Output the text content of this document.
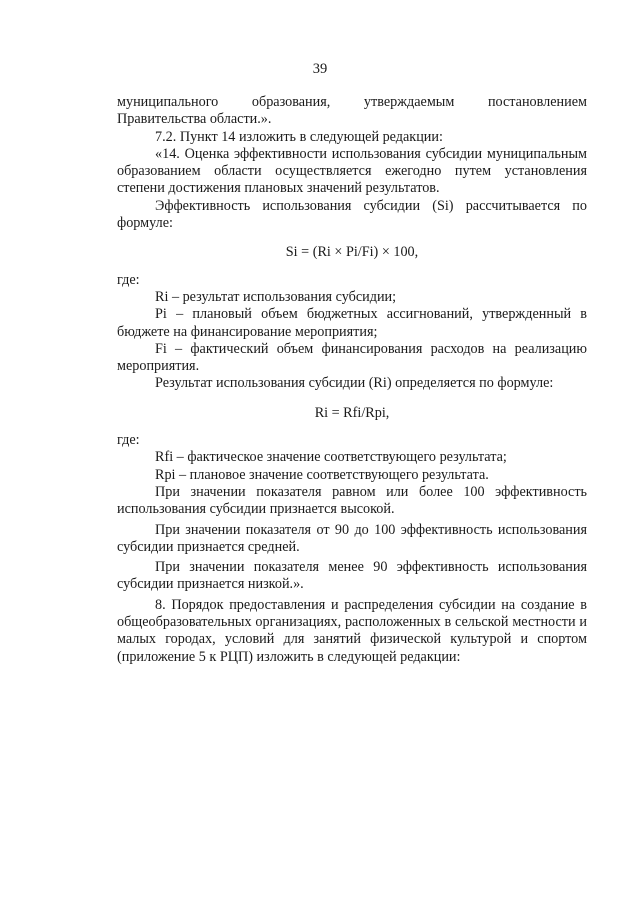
39

муниципального образования, утверждаемым постановлением Правительства области.».

7.2. Пункт 14 изложить в следующей редакции:

«14. Оценка эффективности использования субсидии муниципальным образованием области осуществляется ежегодно путем установления степени достижения плановых значений результатов.

Эффективность использования субсидии (Si) рассчитывается по формуле:

Si = (Ri × Pi/Fi) × 100,

где:

Ri – результат использования субсидии;

Pi – плановый объем бюджетных ассигнований, утвержденный в бюджете на финансирование мероприятия;

Fi – фактический объем финансирования расходов на реализацию мероприятия.

Результат использования субсидии (Ri) определяется по формуле:

Ri = Rfi/Rpi,

где:

Rfi – фактическое значение соответствующего результата;

Rpi – плановое значение соответствующего результата.

При значении показателя равном или более 100 эффективность использования субсидии признается высокой.

При значении показателя от 90 до 100 эффективность использования субсидии признается средней.

При значении показателя менее 90 эффективность использования субсидии признается низкой.».

8. Порядок предоставления и распределения субсидии на создание в общеобразовательных организациях, расположенных в сельской местности и малых городах, условий для занятий физической культурой и спортом (приложение 5 к РЦП) изложить в следующей редакции:
